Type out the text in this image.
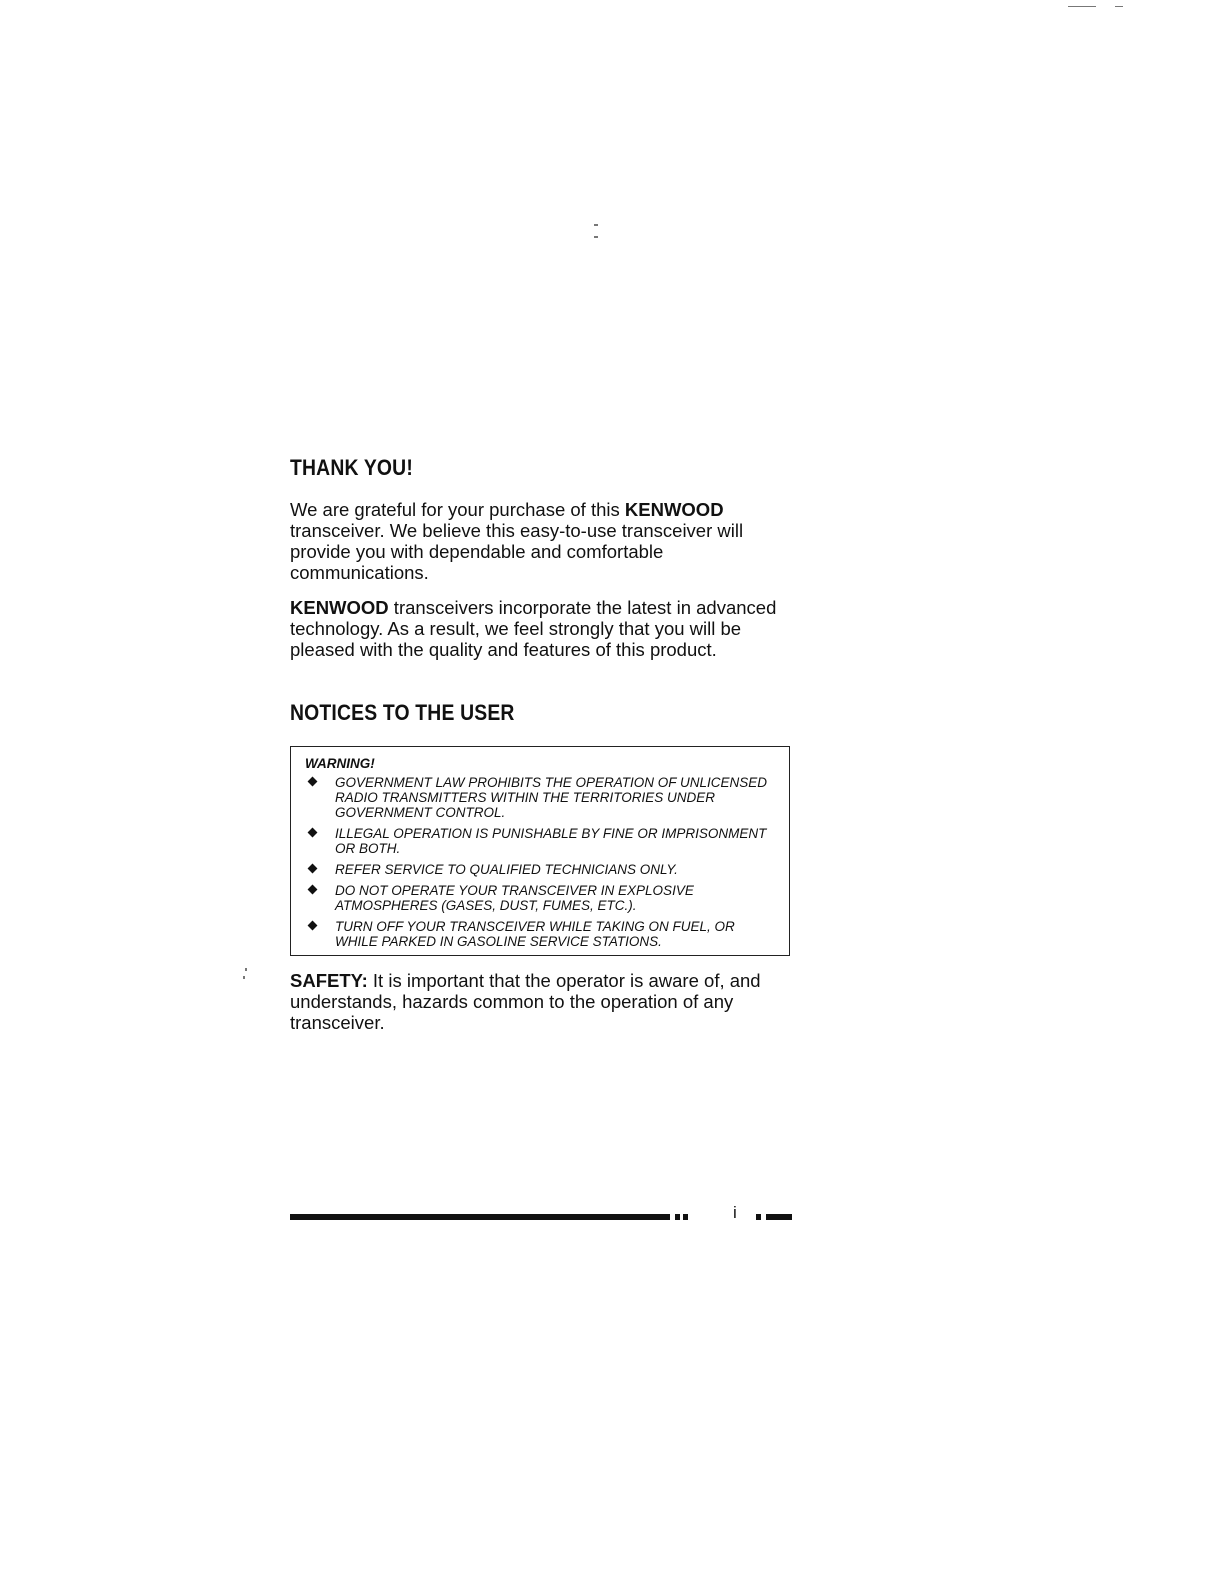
THANK YOU!

We are grateful for your purchase of this KENWOOD transceiver. We believe this easy-to-use transceiver will provide you with dependable and comfortable communications.

KENWOOD transceivers incorporate the latest in advanced technology. As a result, we feel strongly that you will be pleased with the quality and features of this product.

NOTICES TO THE USER
WARNING!
GOVERNMENT LAW PROHIBITS THE OPERATION OF UNLICENSED RADIO TRANSMITTERS WITHIN THE TERRITORIES UNDER GOVERNMENT CONTROL.
ILLEGAL OPERATION IS PUNISHABLE BY FINE OR IMPRISONMENT OR BOTH.
REFER SERVICE TO QUALIFIED TECHNICIANS ONLY.
DO NOT OPERATE YOUR TRANSCEIVER IN EXPLOSIVE ATMOSPHERES (GASES, DUST, FUMES, ETC.).
TURN OFF YOUR TRANSCEIVER WHILE TAKING ON FUEL, OR WHILE PARKED IN GASOLINE SERVICE STATIONS.

SAFETY: It is important that the operator is aware of, and understands, hazards common to the operation of any transceiver.

i
